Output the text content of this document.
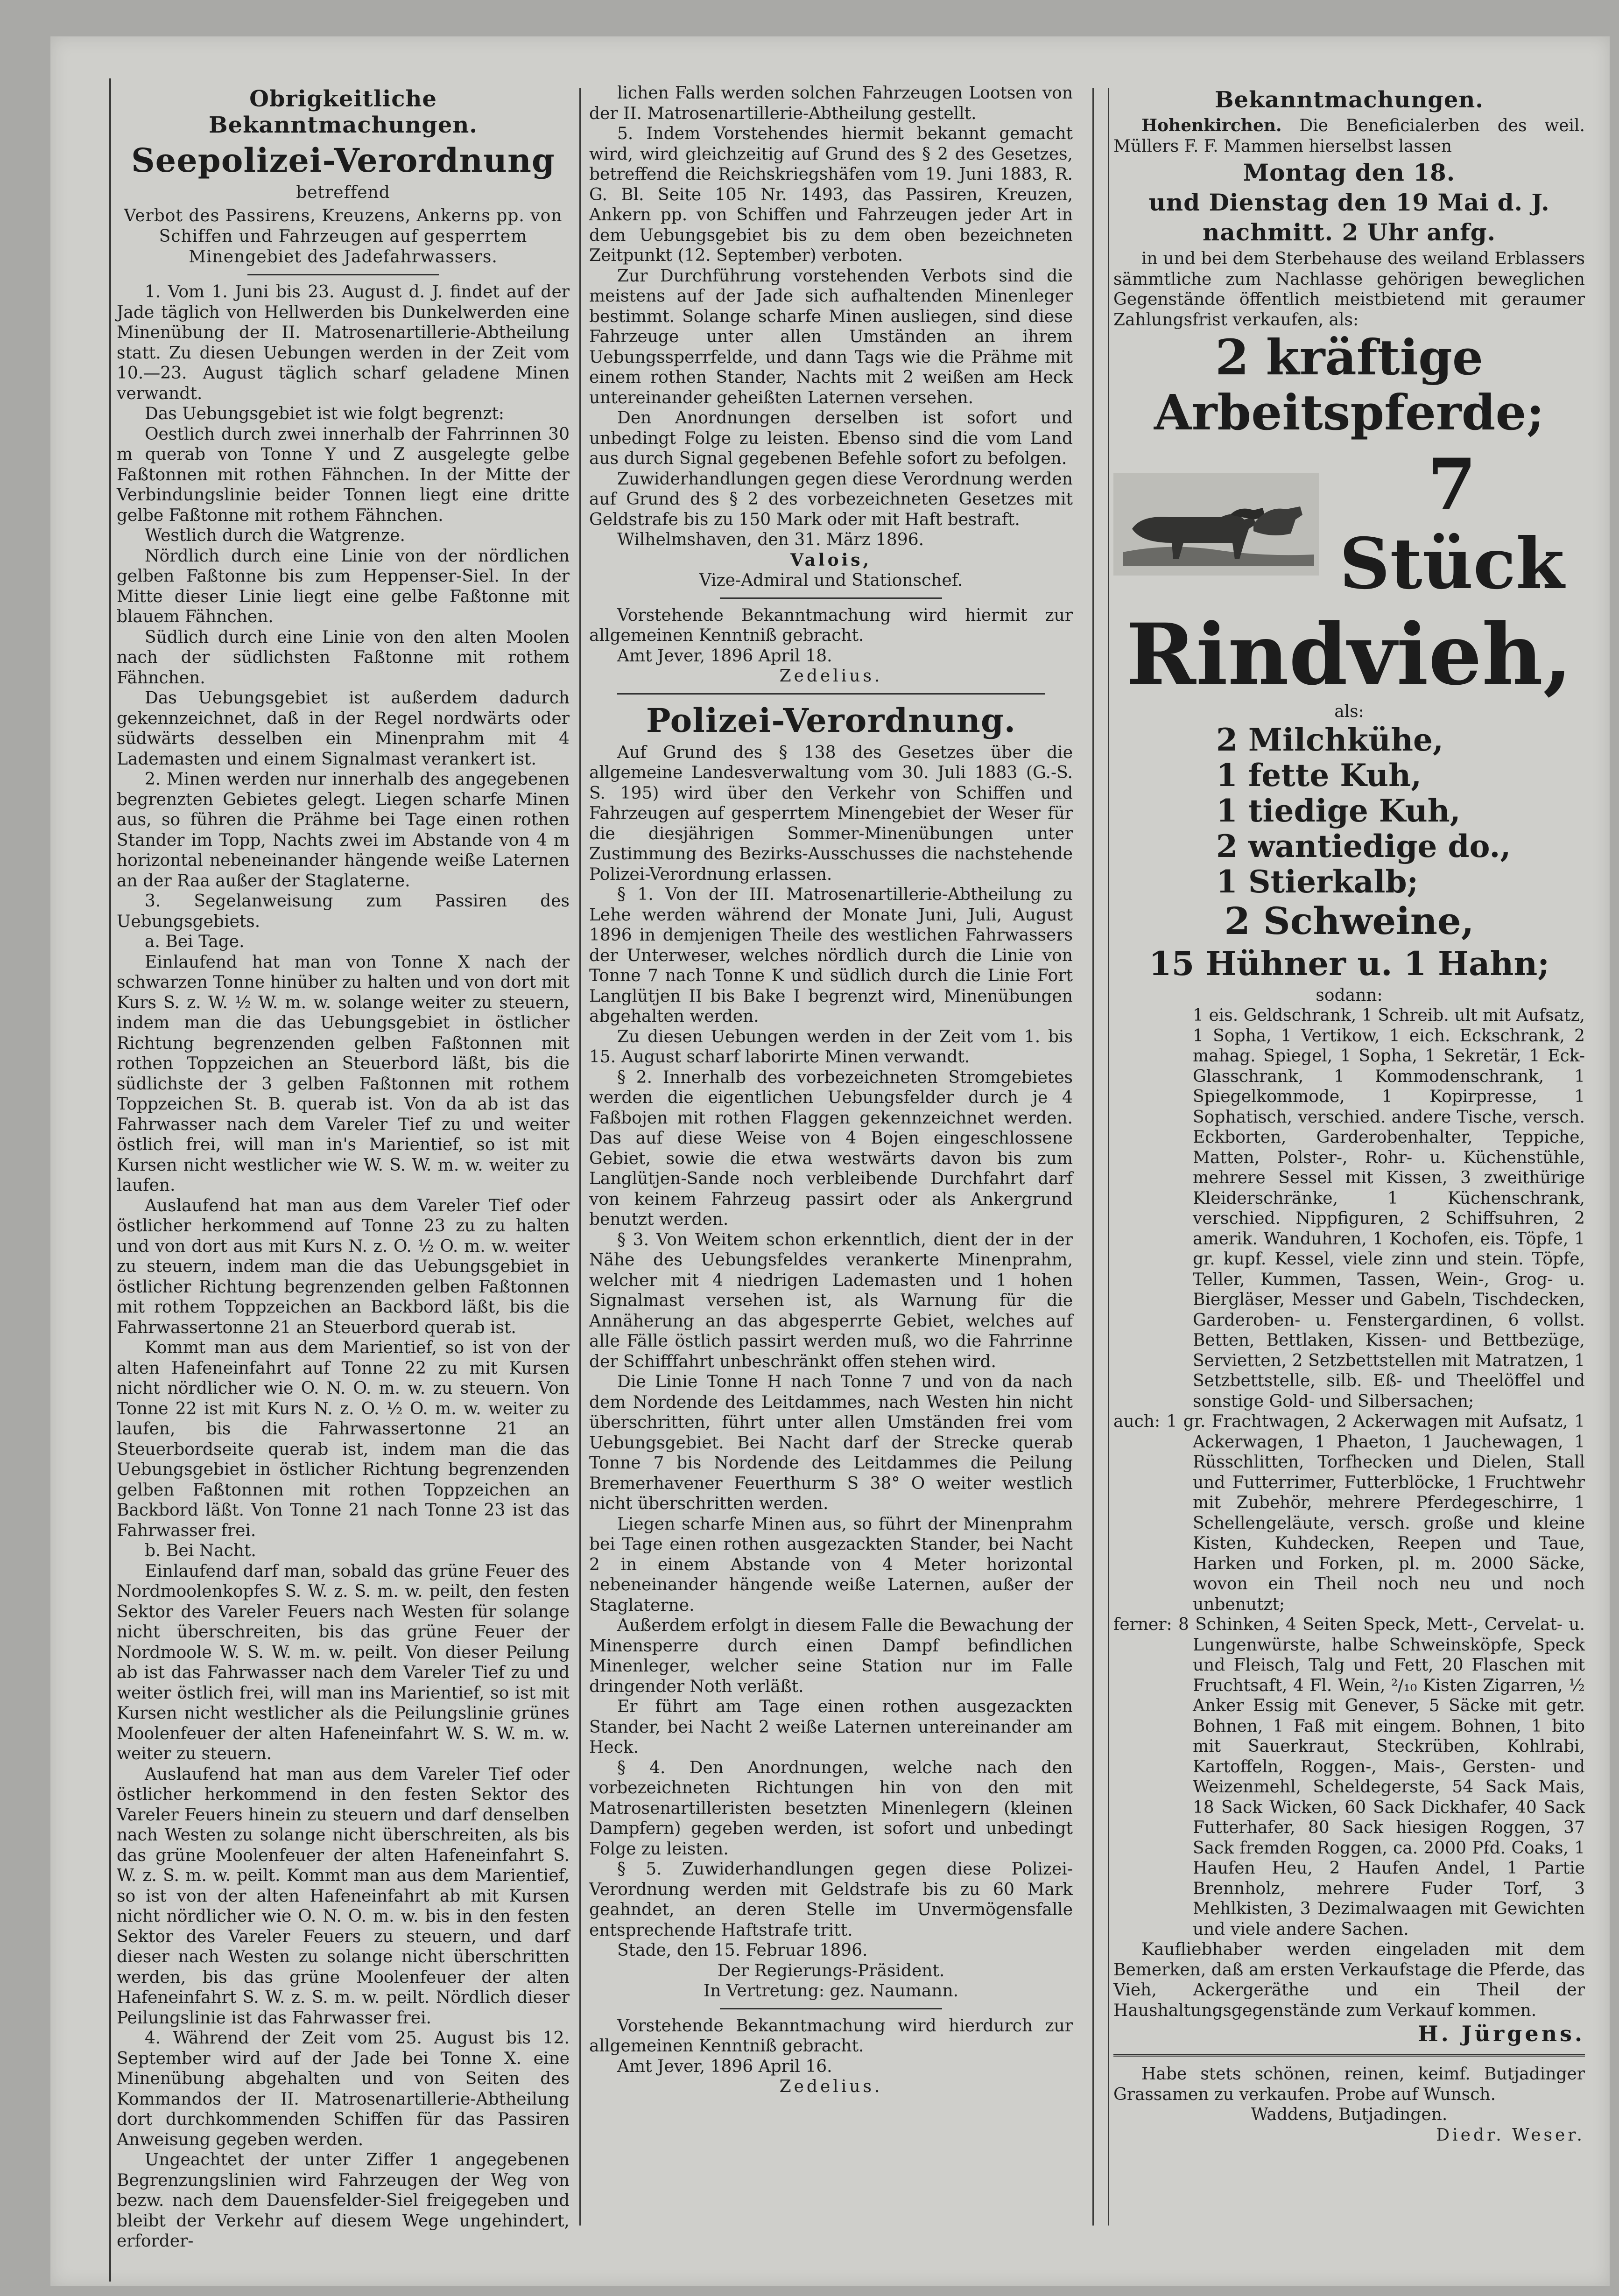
Obrigkeitliche Bekanntmachungen.
Seepolizei-Verordnung
betreffend
Verbot des Passirens, Kreuzens, Ankerns pp. von Schiffen und Fahrzeugen auf gesperrtem Minengebiet des Jadefahrwassers.

1. Vom 1. Juni bis 23. August d. J. findet auf der Jade täglich von Hellwerden bis Dunkelwerden eine Minenübung der II. Matrosenartillerie-Abtheilung statt. Zu diesen Uebungen werden in der Zeit vom 10.—23. August täglich scharf geladene Minen verwandt.

Das Uebungsgebiet ist wie folgt begrenzt:

Oestlich durch zwei innerhalb der Fahrrinnen 30 m querab von Tonne Y und Z ausgelegte gelbe Faßtonnen mit rothen Fähnchen. In der Mitte der Verbindungslinie beider Tonnen liegt eine dritte gelbe Faßtonne mit rothem Fähnchen.

Westlich durch die Watgrenze.

Nördlich durch eine Linie von der nördlichen gelben Faßtonne bis zum Heppenser-Siel. In der Mitte dieser Linie liegt eine gelbe Faßtonne mit blauem Fähnchen.

Südlich durch eine Linie von den alten Moolen nach der südlichsten Faßtonne mit rothem Fähnchen.

Das Uebungsgebiet ist außerdem dadurch gekennzeichnet, daß in der Regel nordwärts oder südwärts desselben ein Minenprahm mit 4 Lademasten und einem Signalmast verankert ist.

2. Minen werden nur innerhalb des angegebenen begrenzten Gebietes gelegt. Liegen scharfe Minen aus, so führen die Prähme bei Tage einen rothen Stander im Topp, Nachts zwei im Abstande von 4 m horizontal nebeneinander hängende weiße Laternen an der Raa außer der Staglaterne.

3. Segelanweisung zum Passiren des Uebungsgebiets.

a. Bei Tage.

Einlaufend hat man von Tonne X nach der schwarzen Tonne hinüber zu halten und von dort mit Kurs S. z. W. ½ W. m. w. solange weiter zu steuern, indem man die das Uebungsgebiet in östlicher Richtung begrenzenden gelben Faßtonnen mit rothen Toppzeichen an Steuerbord läßt, bis die südlichste der 3 gelben Faßtonnen mit rothem Toppzeichen St. B. querab ist. Von da ab ist das Fahrwasser nach dem Vareler Tief zu und weiter östlich frei, will man in's Marientief, so ist mit Kursen nicht westlicher wie W. S. W. m. w. weiter zu laufen.

Auslaufend hat man aus dem Vareler Tief oder östlicher herkommend auf Tonne 23 zu zu halten und von dort aus mit Kurs N. z. O. ½ O. m. w. weiter zu steuern, indem man die das Uebungsgebiet in östlicher Richtung begrenzenden gelben Faßtonnen mit rothem Toppzeichen an Backbord läßt, bis die Fahrwassertonne 21 an Steuerbord querab ist.

Kommt man aus dem Marientief, so ist von der alten Hafeneinfahrt auf Tonne 22 zu mit Kursen nicht nördlicher wie O. N. O. m. w. zu steuern. Von Tonne 22 ist mit Kurs N. z. O. ½ O. m. w. weiter zu laufen, bis die Fahrwassertonne 21 an Steuerbordseite querab ist, indem man die das Uebungsgebiet in östlicher Richtung begrenzenden gelben Faßtonnen mit rothen Toppzeichen an Backbord läßt. Von Tonne 21 nach Tonne 23 ist das Fahrwasser frei.

b. Bei Nacht.

Einlaufend darf man, sobald das grüne Feuer des Nordmoolenkopfes S. W. z. S. m. w. peilt, den festen Sektor des Vareler Feuers nach Westen für solange nicht überschreiten, bis das grüne Feuer der Nordmoole W. S. W. m. w. peilt. Von dieser Peilung ab ist das Fahrwasser nach dem Vareler Tief zu und weiter östlich frei, will man ins Marientief, so ist mit Kursen nicht westlicher als die Peilungslinie grünes Moolenfeuer der alten Hafeneinfahrt W. S. W. m. w. weiter zu steuern.

Auslaufend hat man aus dem Vareler Tief oder östlicher herkommend in den festen Sektor des Vareler Feuers hinein zu steuern und darf denselben nach Westen zu solange nicht überschreiten, als bis das grüne Moolenfeuer der alten Hafeneinfahrt S. W. z. S. m. w. peilt. Kommt man aus dem Marientief, so ist von der alten Hafeneinfahrt ab mit Kursen nicht nördlicher wie O. N. O. m. w. bis in den festen Sektor des Vareler Feuers zu steuern, und darf dieser nach Westen zu solange nicht überschritten werden, bis das grüne Moolenfeuer der alten Hafeneinfahrt S. W. z. S. m. w. peilt. Nördlich dieser Peilungslinie ist das Fahrwasser frei.

4. Während der Zeit vom 25. August bis 12. September wird auf der Jade bei Tonne X. eine Minenübung abgehalten und von Seiten des Kommandos der II. Matrosenartillerie-Abtheilung dort durchkommenden Schiffen für das Passiren Anweisung gegeben werden.

Ungeachtet der unter Ziffer 1 angegebenen Begrenzungslinien wird Fahrzeugen der Weg von bezw. nach dem Dauensfelder-Siel freigegeben und bleibt der Verkehr auf diesem Wege ungehindert, erforder-

lichen Falls werden solchen Fahrzeugen Lootsen von der II. Matrosenartillerie-Abtheilung gestellt.

5. Indem Vorstehendes hiermit bekannt gemacht wird, wird gleichzeitig auf Grund des § 2 des Gesetzes, betreffend die Reichskriegshäfen vom 19. Juni 1883, R. G. Bl. Seite 105 Nr. 1493, das Passiren, Kreuzen, Ankern pp. von Schiffen und Fahrzeugen jeder Art in dem Uebungsgebiet bis zu dem oben bezeichneten Zeitpunkt (12. September) verboten.

Zur Durchführung vorstehenden Verbots sind die meistens auf der Jade sich aufhaltenden Minenleger bestimmt. Solange scharfe Minen ausliegen, sind diese Fahrzeuge unter allen Umständen an ihrem Uebungssperrfelde, und dann Tags wie die Prähme mit einem rothen Stander, Nachts mit 2 weißen am Heck untereinander geheißten Laternen versehen.

Den Anordnungen derselben ist sofort und unbedingt Folge zu leisten. Ebenso sind die vom Land aus durch Signal gegebenen Befehle sofort zu befolgen.

Zuwiderhandlungen gegen diese Verordnung werden auf Grund des § 2 des vorbezeichneten Gesetzes mit Geldstrafe bis zu 150 Mark oder mit Haft bestraft.

Wilhelmshaven, den 31. März 1896.

Valois,

Vize-Admiral und Stationschef.

Vorstehende Bekanntmachung wird hiermit zur allgemeinen Kenntniß gebracht.

Amt Jever, 1896 April 18.

Zedelius.

Polizei-Verordnung.

Auf Grund des § 138 des Gesetzes über die allgemeine Landesverwaltung vom 30. Juli 1883 (G.-S. S. 195) wird über den Verkehr von Schiffen und Fahrzeugen auf gesperrtem Minengebiet der Weser für die diesjährigen Sommer-Minenübungen unter Zustimmung des Bezirks-Ausschusses die nachstehende Polizei-Verordnung erlassen.

§ 1. Von der III. Matrosenartillerie-Abtheilung zu Lehe werden während der Monate Juni, Juli, August 1896 in demjenigen Theile des westlichen Fahrwassers der Unterweser, welches nördlich durch die Linie von Tonne 7 nach Tonne K und südlich durch die Linie Fort Langlütjen II bis Bake I begrenzt wird, Minenübungen abgehalten werden.

Zu diesen Uebungen werden in der Zeit vom 1. bis 15. August scharf laborirte Minen verwandt.

§ 2. Innerhalb des vorbezeichneten Stromgebietes werden die eigentlichen Uebungsfelder durch je 4 Faßbojen mit rothen Flaggen gekennzeichnet werden. Das auf diese Weise von 4 Bojen eingeschlossene Gebiet, sowie die etwa westwärts davon bis zum Langlütjen-Sande noch verbleibende Durchfahrt darf von keinem Fahrzeug passirt oder als Ankergrund benutzt werden.

§ 3. Von Weitem schon erkenntlich, dient der in der Nähe des Uebungsfeldes verankerte Minenprahm, welcher mit 4 niedrigen Lademasten und 1 hohen Signalmast versehen ist, als Warnung für die Annäherung an das abgesperrte Gebiet, welches auf alle Fälle östlich passirt werden muß, wo die Fahrrinne der Schifffahrt unbeschränkt offen stehen wird.

Die Linie Tonne H nach Tonne 7 und von da nach dem Nordende des Leitdammes, nach Westen hin nicht überschritten, führt unter allen Umständen frei vom Uebungsgebiet. Bei Nacht darf der Strecke querab Tonne 7 bis Nordende des Leitdammes die Peilung Bremerhavener Feuerthurm S 38° O weiter westlich nicht überschritten werden.

Liegen scharfe Minen aus, so führt der Minenprahm bei Tage einen rothen ausgezackten Stander, bei Nacht 2 in einem Abstande von 4 Meter horizontal nebeneinander hängende weiße Laternen, außer der Staglaterne.

Außerdem erfolgt in diesem Falle die Bewachung der Minensperre durch einen Dampf befindlichen Minenleger, welcher seine Station nur im Falle dringender Noth verläßt.

Er führt am Tage einen rothen ausgezackten Stander, bei Nacht 2 weiße Laternen untereinander am Heck.

§ 4. Den Anordnungen, welche nach den vorbezeichneten Richtungen hin von den mit Matrosenartilleristen besetzten Minenlegern (kleinen Dampfern) gegeben werden, ist sofort und unbedingt Folge zu leisten.

§ 5. Zuwiderhandlungen gegen diese Polizei-Verordnung werden mit Geldstrafe bis zu 60 Mark geahndet, an deren Stelle im Unvermögensfalle entsprechende Haftstrafe tritt.

Stade, den 15. Februar 1896.

Der Regierungs-Präsident.

In Vertretung: gez. Naumann.

Vorstehende Bekanntmachung wird hierdurch zur allgemeinen Kenntniß gebracht.

Amt Jever, 1896 April 16.

Zedelius.

Bekanntmachungen.

Hohenkirchen. Die Beneficialerben des weil. Müllers F. F. Mammen hierselbst lassen

Montag den 18.
und Dienstag den 19 Mai d. J.
nachmitt. 2 Uhr anfg.

in und bei dem Sterbehause des weiland Erblassers sämmtliche zum Nachlasse gehörigen beweglichen Gegenstände öffentlich meistbietend mit geraumer Zahlungsfrist verkaufen, als:

2 kräftige
Arbeitspferde;
7 Stück
Rindvieh,

als:

2 Milchkühe,
1 fette Kuh,
1 tiedige Kuh,
2 wantiedige do.,
1 Stierkalb;
2 Schweine,
15 Hühner u. 1 Hahn;

sodann:

1 eis. Geldschrank, 1 Schreib. ult mit Aufsatz, 1 Sopha, 1 Vertikow, 1 eich. Eckschrank, 2 mahag. Spiegel, 1 Sopha, 1 Sekretär, 1 Eck-Glasschrank, 1 Kommodenschrank, 1 Spiegelkommode, 1 Kopirpresse, 1 Sophatisch, verschied. andere Tische, versch. Eckborten, Garderobenhalter, Teppiche, Matten, Polster-, Rohr- u. Küchenstühle, mehrere Sessel mit Kissen, 3 zweithürige Kleiderschränke, 1 Küchenschrank, verschied. Nippfiguren, 2 Schiffsuhren, 2 amerik. Wanduhren, 1 Kochofen, eis. Töpfe, 1 gr. kupf. Kessel, viele zinn und stein. Töpfe, Teller, Kummen, Tassen, Wein-, Grog- u. Biergläser, Messer und Gabeln, Tischdecken, Garderoben- u. Fenstergardinen, 6 vollst. Betten, Bettlaken, Kissen- und Bettbezüge, Servietten, 2 Setzbettstellen mit Matratzen, 1 Setzbettstelle, silb. Eß- und Theelöffel und sonstige Gold- und Silbersachen;

auch: 1 gr. Frachtwagen, 2 Ackerwagen mit Aufsatz, 1 Ackerwagen, 1 Phaeton, 1 Jauchewagen, 1 Rüsschlitten, Torfhecken und Dielen, Stall und Futterrimer, Futterblöcke, 1 Fruchtwehr mit Zubehör, mehrere Pferdegeschirre, 1 Schellengeläute, versch. große und kleine Kisten, Kuhdecken, Reepen und Taue, Harken und Forken, pl. m. 2000 Säcke, wovon ein Theil noch neu und noch unbenutzt;
ferner: 8 Schinken, 4 Seiten Speck, Mett-, Cervelat- u. Lungenwürste, halbe Schweinsköpfe, Speck und Fleisch, Talg und Fett, 20 Flaschen mit Fruchtsaft, 4 Fl. Wein, ²/₁₀ Kisten Zigarren, ½ Anker Essig mit Genever, 5 Säcke mit getr. Bohnen, 1 Faß mit eingem. Bohnen, 1 bito mit Sauerkraut, Steckrüben, Kohlrabi, Kartoffeln, Roggen-, Mais-, Gersten- und Weizenmehl, Scheldegerste, 54 Sack Mais, 18 Sack Wicken, 60 Sack Dickhafer, 40 Sack Futterhafer, 80 Sack hiesigen Roggen, 37 Sack fremden Roggen, ca. 2000 Pfd. Coaks, 1 Haufen Heu, 2 Haufen Andel, 1 Partie Brennholz, mehrere Fuder Torf, 3 Mehlkisten, 3 Dezimalwaagen mit Gewichten und viele andere Sachen.

Kaufliebhaber werden eingeladen mit dem Bemerken, daß am ersten Verkaufstage die Pferde, das Vieh, Ackergeräthe und ein Theil der Haushaltungsgegenstände zum Verkauf kommen.

H. Jürgens.

Habe stets schönen, reinen, keimf. Butjadinger Grassamen zu verkaufen. Probe auf Wunsch.

Waddens, Butjadingen.

Diedr. Weser.
